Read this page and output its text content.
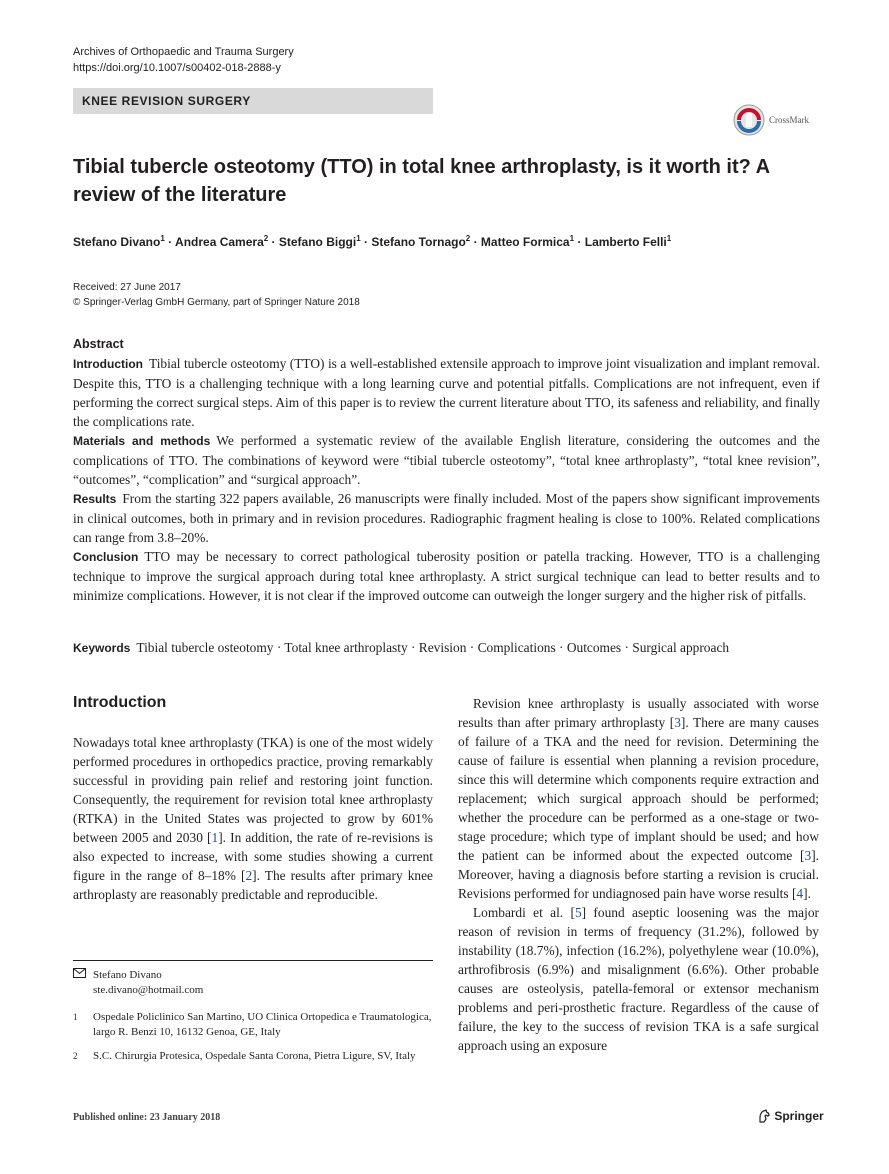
Archives of Orthopaedic and Trauma Surgery
https://doi.org/10.1007/s00402-018-2888-y
KNEE REVISION SURGERY
CrossMark
Tibial tubercle osteotomy (TTO) in total knee arthroplasty, is it worth it? A review of the literature
Stefano Divano$^1$ · Andrea Camera$^2$ · Stefano Biggi$^1$ · Stefano Tornago$^2$ · Matteo Formica$^1$ · Lamberto Felli$^1$
Received: 27 June 2017
© Springer-Verlag GmbH Germany, part of Springer Nature 2018
Abstract

Introduction Tibial tubercle osteotomy (TTO) is a well-established extensile approach to improve joint visualization and implant removal. Despite this, TTO is a challenging technique with a long learning curve and potential pitfalls. Complications are not infrequent, even if performing the correct surgical steps. Aim of this paper is to review the current literature about TTO, its safeness and reliability, and finally the complications rate.

Materials and methods We performed a systematic review of the available English literature, considering the outcomes and the complications of TTO. The combinations of keyword were “tibial tubercle osteotomy”, “total knee arthroplasty”, “total knee revision”, “outcomes”, “complication” and “surgical approach”.

Results From the starting 322 papers available, 26 manuscripts were finally included. Most of the papers show significant improvements in clinical outcomes, both in primary and in revision procedures. Radiographic fragment healing is close to 100%. Related complications can range from 3.8–20%.

Conclusion TTO may be necessary to correct pathological tuberosity position or patella tracking. However, TTO is a challenging technique to improve the surgical approach during total knee arthroplasty. A strict surgical technique can lead to better results and to minimize complications. However, it is not clear if the improved outcome can outweigh the longer surgery and the higher risk of pitfalls.

Keywords Tibial tubercle osteotomy · Total knee arthroplasty · Revision · Complications · Outcomes · Surgical approach
Introduction

Nowadays total knee arthroplasty (TKA) is one of the most widely performed procedures in orthopedics practice, proving remarkably successful in providing pain relief and restoring joint function. Consequently, the requirement for revision total knee arthroplasty (RTKA) in the United States was projected to grow by 601% between 2005 and 2030 [1]. In addition, the rate of re-revisions is also expected to increase, with some studies showing a current figure in the range of 8–18% [2]. The results after primary knee arthroplasty are reasonably predictable and reproducible.

Revision knee arthroplasty is usually associated with worse results than after primary arthroplasty [3]. There are many causes of failure of a TKA and the need for revision. Determining the cause of failure is essential when planning a revision procedure, since this will determine which components require extraction and replacement; which surgical approach should be performed; whether the procedure can be performed as a one-stage or two-stage procedure; which type of implant should be used; and how the patient can be informed about the expected outcome [3]. Moreover, having a diagnosis before starting a revision is crucial. Revisions performed for undiagnosed pain have worse results [4].

Lombardi et al. [5] found aseptic loosening was the major reason of revision in terms of frequency (31.2%), followed by instability (18.7%), infection (16.2%), polyethylene wear (10.0%), arthrofibrosis (6.9%) and misalignment (6.6%). Other probable causes are osteolysis, patella-femoral or extensor mechanism problems and peri-prosthetic fracture. Regardless of the cause of failure, the key to the success of revision TKA is a safe surgical approach using an exposure

Stefano Divano
ste.divano@hotmail.com
1 Ospedale Policlinico San Martino, UO Clinica Ortopedica e Traumatologica, largo R. Benzi 10, 16132 Genoa, GE, Italy
2 S.C. Chirurgia Protesica, Ospedale Santa Corona, Pietra Ligure, SV, Italy
Published online: 23 January 2018	Springer
